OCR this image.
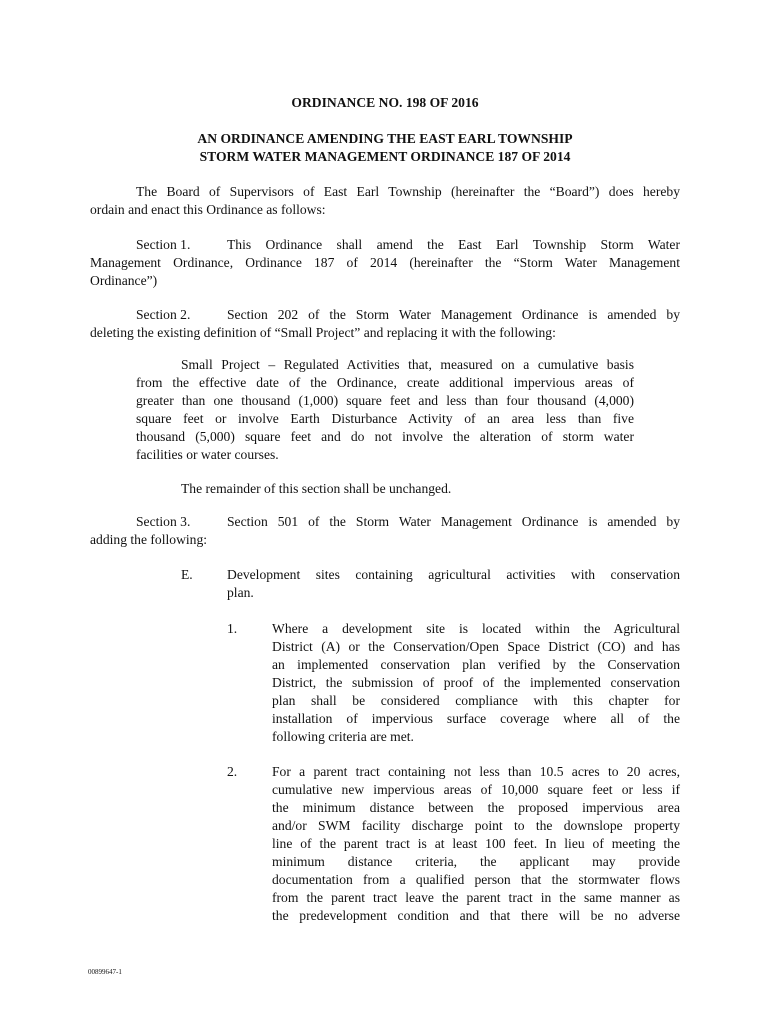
ORDINANCE NO. 198 OF 2016
AN ORDINANCE AMENDING THE EAST EARL TOWNSHIP
STORM WATER MANAGEMENT ORDINANCE 187 OF 2014
The Board of Supervisors of East Earl Township (hereinafter the “Board”) does hereby
ordain and enact this Ordinance as follows:
Section 1.	This Ordinance shall amend the East Earl Township Storm Water
Management Ordinance, Ordinance 187 of 2014 (hereinafter the “Storm Water Management
Ordinance”)
Section 2.	Section 202 of the Storm Water Management Ordinance is amended by
deleting the existing definition of “Small Project” and replacing it with the following:
Small Project – Regulated Activities that, measured on a cumulative basis
from the effective date of the Ordinance, create additional impervious areas of
greater than one thousand (1,000) square feet and less than four thousand (4,000)
square feet or involve Earth Disturbance Activity of an area less than five
thousand (5,000) square feet and do not involve the alteration of storm water
facilities or water courses.
The remainder of this section shall be unchanged.
Section 3.	Section 501 of the Storm Water Management Ordinance is amended by
adding the following:
E.	Development sites containing agricultural activities with conservation
plan.
1.	Where a development site is located within the Agricultural
District (A) or the Conservation/Open Space District (CO) and has
an implemented conservation plan verified by the Conservation
District, the submission of proof of the implemented conservation
plan shall be considered compliance with this chapter for
installation of impervious surface coverage where all of the
following criteria are met.
2.	For a parent tract containing not less than 10.5 acres to 20 acres,
cumulative new impervious areas of 10,000 square feet or less if
the minimum distance between the proposed impervious area
and/or SWM facility discharge point to the downslope property
line of the parent tract is at least 100 feet. In lieu of meeting the
minimum distance criteria, the applicant may provide
documentation from a qualified person that the stormwater flows
from the parent tract leave the parent tract in the same manner as
the predevelopment condition and that there will be no adverse
00899647-1
